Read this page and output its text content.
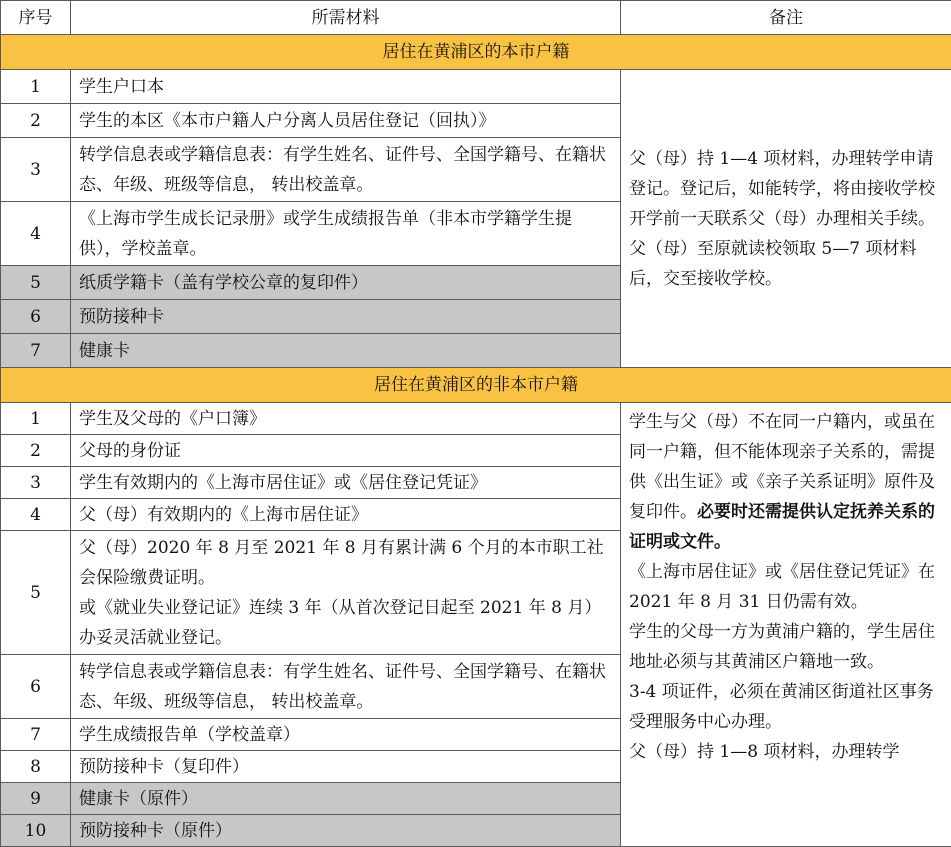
序号	所需材料	备注
居住在黄浦区的本市户籍		
1	学生户口本	父（母）持 1—4 项材料，办理转学申请登记。登记后，如能转学，将由接收学校开学前一天联系父（母）办理相关手续。

父（母）至原就读校领取 5—7 项材料后，交至接收学校。

2	学生的本区《本市户籍人户分离人员居住登记（回执）》	
3	转学信息表或学籍信息表：有学生姓名、证件号、全国学籍号、在籍状态、年级、班级等信息， 转出校盖章。	
4	《上海市学生成长记录册》或学生成绩报告单（非本市学籍学生提供），学校盖章。	
5	纸质学籍卡（盖有学校公章的复印件）	
6	预防接种卡	
7	健康卡	
居住在黄浦区的非本市户籍		
1	学生及父母的《户口簿》	学生与父（母）不在同一户籍内，或虽在同一户籍，但不能体现亲子关系的，需提供《出生证》或《亲子关系证明》原件及复印件。必要时还需提供认定抚养关系的证明或文件。

《上海市居住证》或《居住登记凭证》在 2021 年 8 月 31 日仍需有效。

学生的父母一方为黄浦户籍的，学生居住地址必须与其黄浦区户籍地一致。

3-4 项证件，必须在黄浦区街道社区事务受理服务中心办理。

父（母）持 1—8 项材料，办理转学

2	父母的身份证	
3	学生有效期内的《上海市居住证》或《居住登记凭证》	
4	父（母）有效期内的《上海市居住证》	
5	父（母）2020 年 8 月至 2021 年 8 月有累计满 6 个月的本市职工社会保险缴费证明。
或《就业失业登记证》连续 3 年（从首次登记日起至 2021 年 8 月）办妥灵活就业登记。	

6	转学信息表或学籍信息表：有学生姓名、证件号、全国学籍号、在籍状态、年级、班级等信息， 转出校盖章。	
7	学生成绩报告单（学校盖章）	
8	预防接种卡（复印件）	
9	健康卡（原件）	
10	预防接种卡（原件）	
